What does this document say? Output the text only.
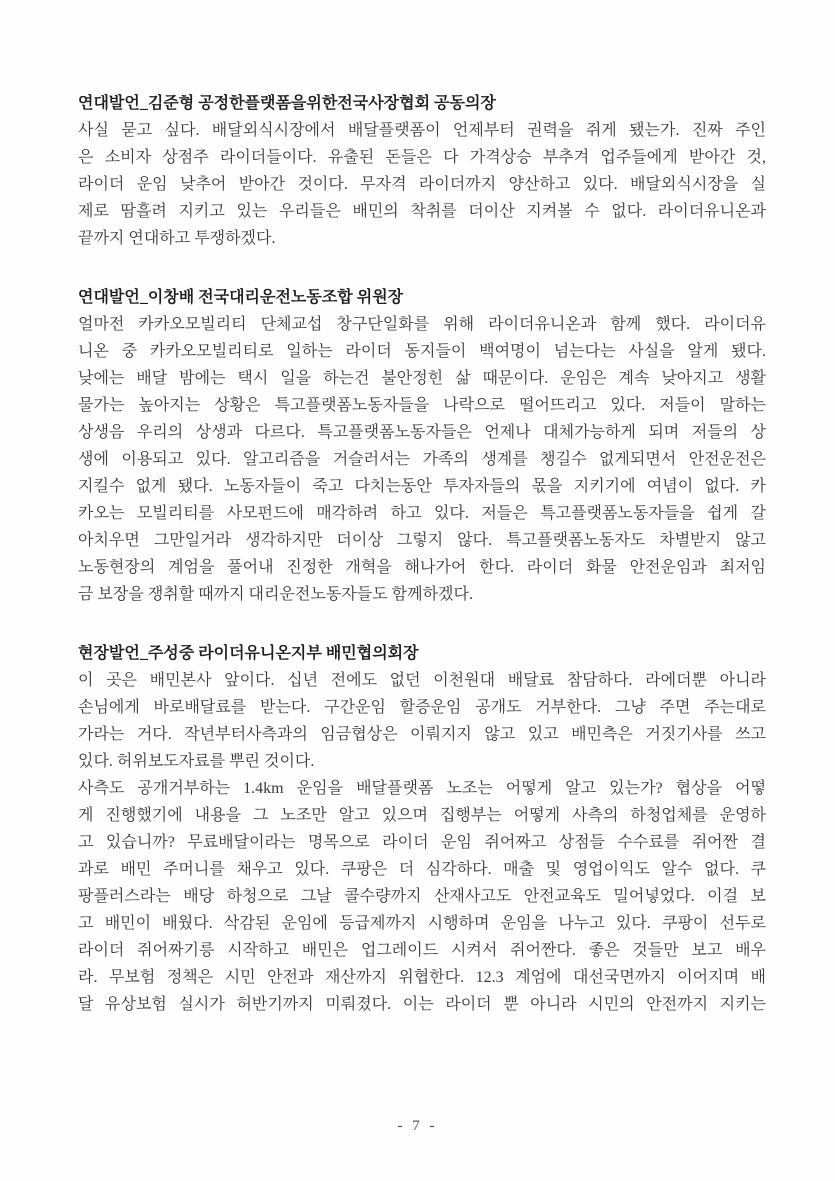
연대발언_김준형 공정한플랫폼을위한전국사장협회 공동의장
사실 묻고 싶다. 배달외식시장에서 배달플랫폼이 언제부터 권력을 쥐게 됐는가. 진짜 주인
은 소비자 상점주 라이더들이다. 유출된 돈들은 다 가격상승 부추겨 업주들에게 받아간 것,
라이더 운임 낮추어 받아간 것이다. 무자격 라이더까지 양산하고 있다. 배달외식시장을 실
제로 땀흘려 지키고 있는 우리들은 배민의 착취를 더이산 지켜볼 수 없다. 라이더유니온과
끝까지 연대하고 투쟁하겠다.
연대발언_이창배 전국대리운전노동조합 위원장
얼마전 카카오모빌리티 단체교섭 창구단일화를 위해 라이더유니온과 함께 했다. 라이더유
니온 중 카카오모빌리티로 일하는 라이더 동지들이 백여명이 넘는다는 사실을 알게 됐다.
낮에는 배달 밤에는 택시 일을 하는건 불안정힌 삶 때문이다. 운임은 계속 낮아지고 생활
물가는 높아지는 상황은 특고플랫폼노동자들을 나락으로 떨어뜨리고 있다. 저들이 말하는
상생음 우리의 상생과 다르다. 특고플랫폼노동자들은 언제나 대체가능하게 되며 저들의 상
생에 이용되고 있다. 알고리즘을 거슬러서는 가족의 생계를 챙길수 없게되면서 안전운전은
지킬수 없게 됐다. 노동자들이 죽고 다치는동안 투자자들의 몫을 지키기에 여념이 없다. 카
카오는 모빌리티를 사모펀드에 매각하려 하고 있다. 저들은 특고플랫폼노동자들을 쉽게 갈
아치우면 그만일거라 생각하지만 더이상 그렇지 않다. 특고플랫폼노동자도 차별받지 않고
노동현장의 계엄을 풀어내 진정한 개혁을 해나가어 한다. 라이더 화물 안전운임과 최저임
금 보장을 쟁취할 때까지 대리운전노동자들도 함께하겠다.
현장발언_주성중 라이더유니온지부 배민협의회장
이 곳은 배민본사 앞이다. 십년 전에도 없던 이천원대 배달료 참담하다. 라에더뿐 아니라
손님에게 바로배달료를 받는다. 구간운임 할증운임 공개도 거부한다. 그냥 주면 주는대로
가라는 거다. 작년부터사측과의 임금협상은 이뤄지지 않고 있고 배민측은 거짓기사를 쓰고
있다. 허위보도자료를 뿌린 것이다.
사측도 공개거부하는 1.4km 운임을 배달플랫폼 노조는 어떻게 알고 있는가? 협상을 어떻
게 진행했기에 내용을 그 노조만 알고 있으며 집행부는 어떻게 사측의 하청업체를 운영하
고 있습니까? 무료배달이라는 명목으로 라이더 운임 쥐어짜고 상점들 수수료를 쥐어짠 결
과로 배민 주머니를 채우고 있다. 쿠팡은 더 심각하다. 매출 및 영업이익도 알수 없다. 쿠
팡플러스라는 배당 하청으로 그날 콜수량까지 산재사고도 안전교육도 밀어넣었다. 이걸 보
고 배민이 배웠다. 삭감된 운임에 등급제까지 시행하며 운임을 나누고 있다. 쿠팡이 선두로
라이더 쥐어짜기릉 시작하고 배민은 업그레이드 시켜서 쥐어짠다. 좋은 것들만 보고 배우
라. 무보험 정책은 시민 안전과 재산까지 위협한다. 12.3 계엄에 대선국면까지 이어지며 배
달 유상보험 실시가 허반기까지 미뤄졌다. 이는 라이더 뿐 아니라 시민의 안전까지 지키는
- 7 -
